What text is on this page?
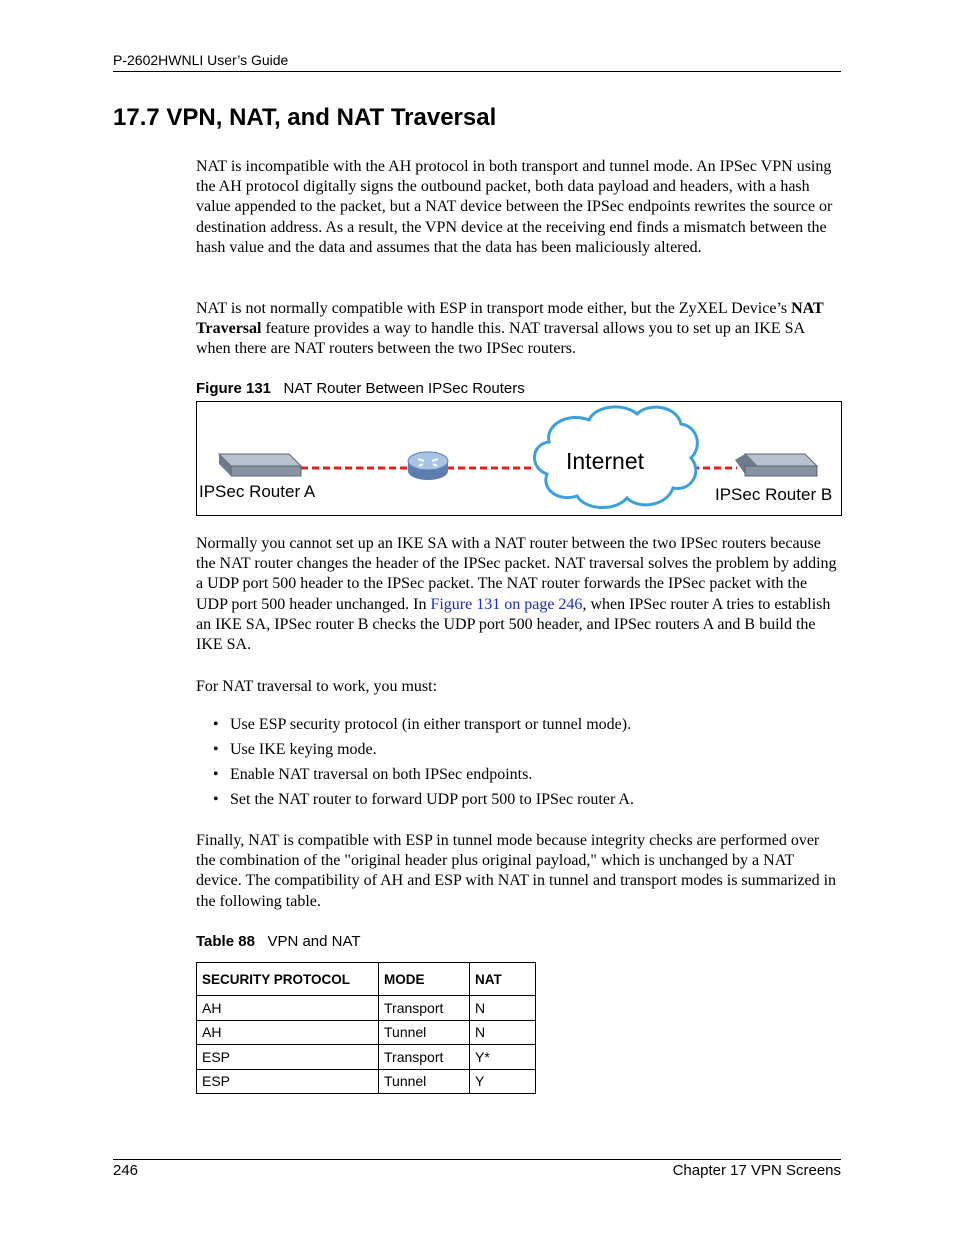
P-2602HWNLI User’s Guide
17.7 VPN, NAT, and NAT Traversal

NAT is incompatible with the AH protocol in both transport and tunnel mode. An IPSec VPN using the AH protocol digitally signs the outbound packet, both data payload and headers, with a hash value appended to the packet, but a NAT device between the IPSec endpoints rewrites the source or destination address. As a result, the VPN device at the receiving end finds a mismatch between the hash value and the data and assumes that the data has been maliciously altered.

NAT is not normally compatible with ESP in transport mode either, but the ZyXEL Device’s NAT Traversal feature provides a way to handle this. NAT traversal allows you to set up an IKE SA when there are NAT routers between the two IPSec routers.

Figure 131 NAT Router Between IPSec Routers
Internet
IPSec Router A	IPSec Router B

Normally you cannot set up an IKE SA with a NAT router between the two IPSec routers because the NAT router changes the header of the IPSec packet. NAT traversal solves the problem by adding a UDP port 500 header to the IPSec packet. The NAT router forwards the IPSec packet with the UDP port 500 header unchanged. In Figure 131 on page 246, when IPSec router A tries to establish an IKE SA, IPSec router B checks the UDP port 500 header, and IPSec routers A and B build the IKE SA.

For NAT traversal to work, you must:

• Use ESP security protocol (in either transport or tunnel mode).
• Use IKE keying mode.
• Enable NAT traversal on both IPSec endpoints.
• Set the NAT router to forward UDP port 500 to IPSec router A.

Finally, NAT is compatible with ESP in tunnel mode because integrity checks are performed over the combination of the "original header plus original payload," which is unchanged by a NAT device. The compatibility of AH and ESP with NAT in tunnel and transport modes is summarized in the following table.

Table 88 VPN and NAT
SECURITY PROTOCOL	MODE	NAT
AH	Transport	N
AH	Tunnel	N
ESP	Transport	Y*
ESP	Tunnel	Y
246	Chapter 17 VPN Screens
